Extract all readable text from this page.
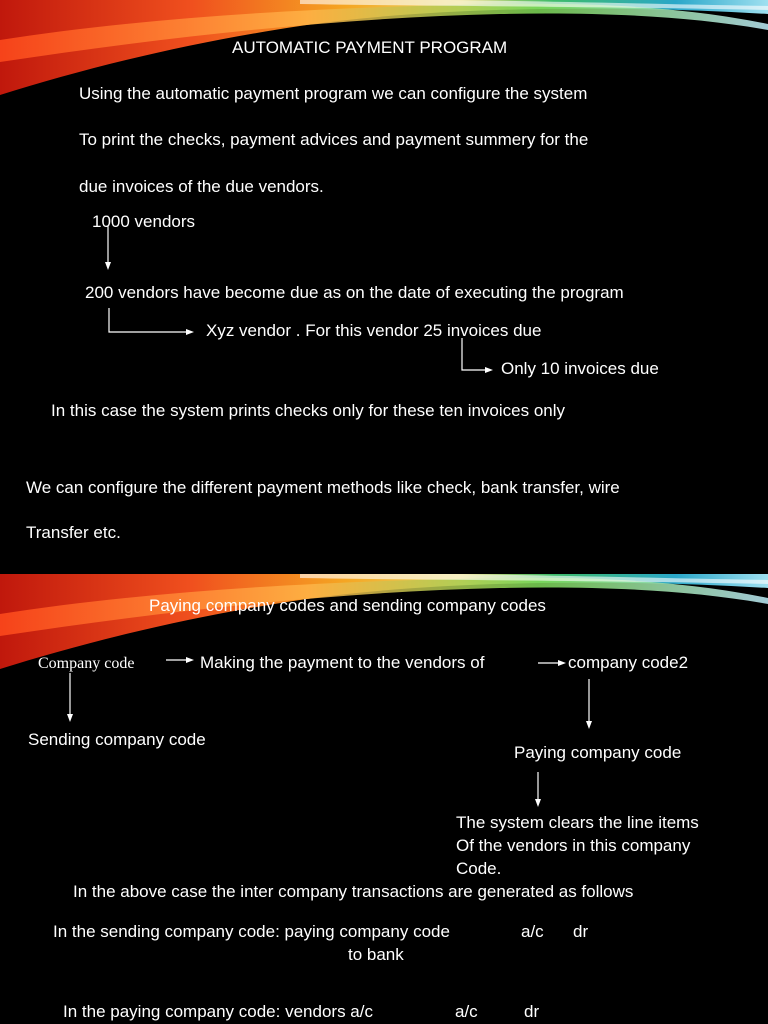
AUTOMATIC PAYMENT PROGRAM
Using the automatic payment program we can configure the system
To print the checks, payment advices and payment summery for the
due invoices of the due vendors.
1000 vendors
200 vendors have become due as on the date of executing the program
Xyz vendor . For this vendor 25 invoices due
Only 10 invoices due
In this case the system prints checks only for these ten invoices only
We can configure the different payment methods like check, bank transfer, wire
Transfer etc.
Paying company codes and sending company codes
Company code	Making the payment to the vendors of	company code2
Sending company code
Paying company code
The system clears the line items
Of the vendors in this company
Code.
In the above case the inter company transactions are generated as follows
In the sending company code: paying company code	a/c dr
to bank
In the paying company code: vendors a/c	a/c	dr
